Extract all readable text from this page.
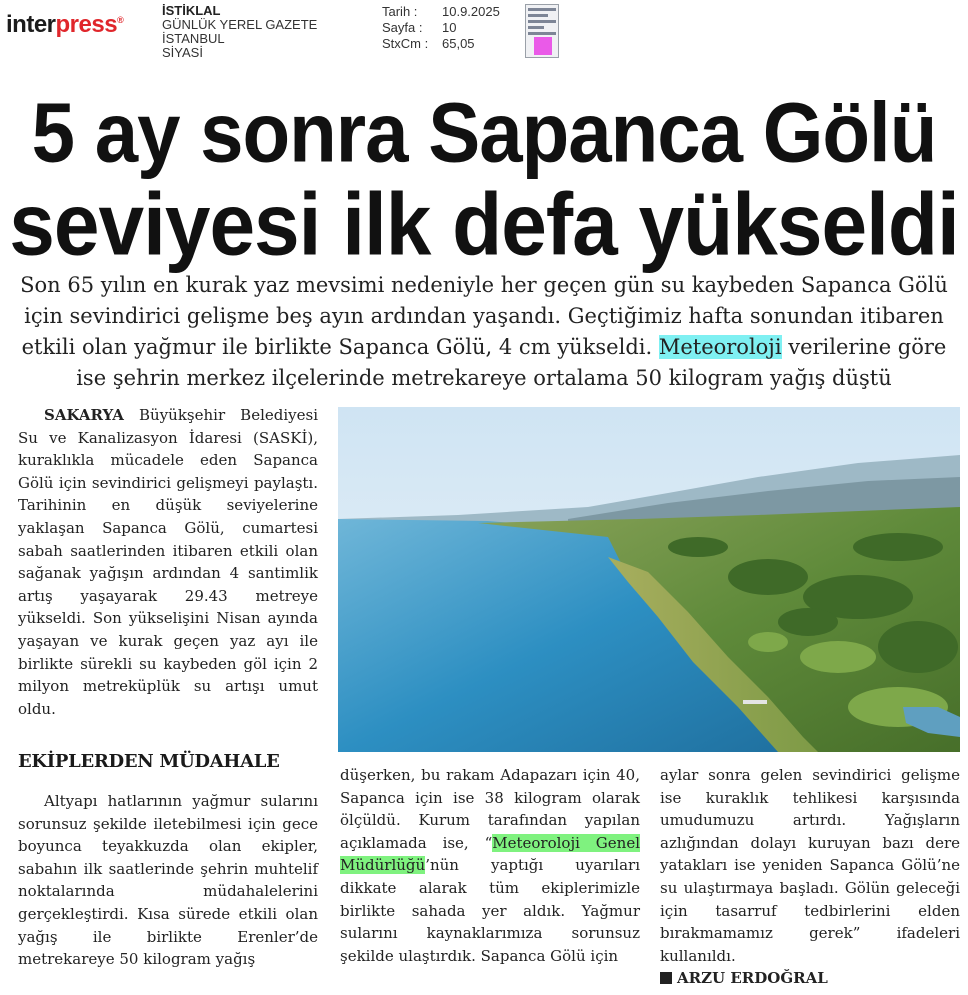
interpress®
İSTİKLAL
GÜNLÜK YEREL GAZETE
İSTANBUL
SİYASİ
Tarih :	10.9.2025
Sayfa :	10
StxCm :	65,05
5 ay sonra Sapanca Gölü
seviyesi ilk defa yükseldi

Son 65 yılın en kurak yaz mevsimi nedeniyle her geçen gün su kaybeden Sapanca Gölü için sevindirici gelişme beş ayın ardından yaşandı. Geçtiğimiz hafta sonundan itibaren etkili olan yağmur ile birlikte Sapanca Gölü, 4 cm yükseldi. Meteoroloji verilerine göre ise şehrin merkez ilçelerinde metrekareye ortalama 50 kilogram yağış düştü

SAKARYA Büyükşehir Belediyesi Su ve Kanalizasyon İdaresi (SASKİ), kuraklıkla mücadele eden Sapanca Gölü için sevindirici gelişmeyi paylaştı. Tarihinin en düşük seviyelerine yaklaşan Sapanca Gölü, cumartesi sabah saatlerinden itibaren etkili olan sağanak yağışın ardından 4 santimlik artış yaşayarak 29.43 metreye yükseldi. Son yükselişini Nisan ayında yaşayan ve kurak geçen yaz ayı ile birlikte sürekli su kaybeden göl için 2 milyon metreküplük su artışı umut oldu.

EKİPLERDEN MÜDAHALE

Altyapı hatlarının yağmur sularını sorunsuz şekilde iletebilmesi için gece boyunca teyakkuzda olan ekipler, sabahın ilk saatlerinde şehrin muhtelif noktalarında müdahalelerini gerçekleştirdi. Kısa sürede etkili olan yağış ile birlikte Erenler’de metrekareye 50 kilogram yağış

düşerken, bu rakam Adapazarı için 40, Sapanca için ise 38 kilogram olarak ölçüldü. Kurum tarafından yapılan açıklamada ise, “Meteoroloji Genel Müdürlüğü’nün yaptığı uyarıları dikkate alarak tüm ekiplerimizle birlikte sahada yer aldık. Yağmur sularını kaynaklarımıza sorunsuz şekilde ulaştırdık. Sapanca Gölü için

aylar sonra gelen sevindirici gelişme ise kuraklık tehlikesi karşısında umudumuzu artırdı. Yağışların azlığından dolayı kuruyan bazı dere yatakları ise yeniden Sapanca Gölü’ne su ulaştırmaya başladı. Gölün geleceği için tasarruf tedbirlerini elden bırakmamamız gerek” ifadeleri kullanıldı.

ARZU ERDOĞRAL
